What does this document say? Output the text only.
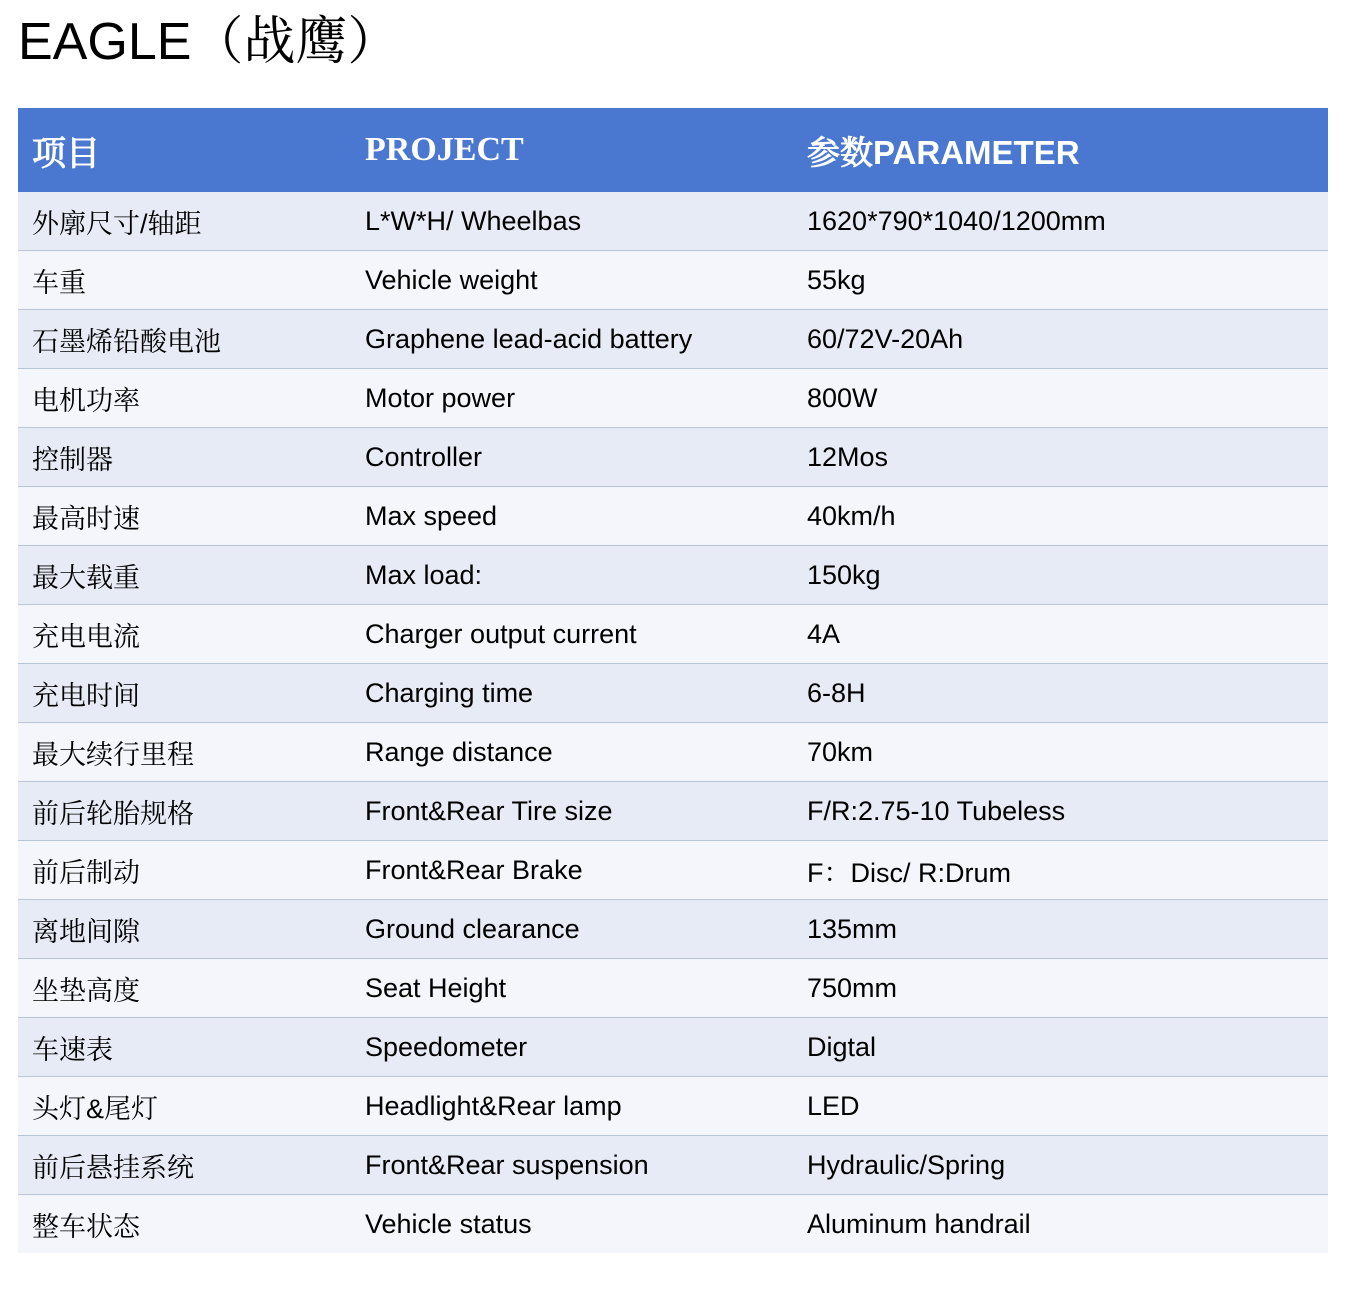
EAGLE（战鹰）
项目	PROJECT	参数PARAMETER
外廓尺寸/轴距	L*W*H/ Wheelbas	1620*790*1040/1200mm
车重	Vehicle weight	55kg
石墨烯铅酸电池	Graphene lead-acid battery	60/72V-20Ah
电机功率	Motor power	800W
控制器	Controller	12Mos
最高时速	Max speed	40km/h
最大载重	Max load:	150kg
充电电流	Charger output current	4A
充电时间	Charging time	6-8H
最大续行里程	Range distance	70km
前后轮胎规格	Front&Rear Tire size	F/R:2.75-10 Tubeless
前后制动	Front&Rear Brake	F：Disc/ R:Drum
离地间隙	Ground clearance	135mm
坐垫高度	Seat Height	750mm
车速表	Speedometer	Digtal
头灯&尾灯	Headlight&Rear lamp	LED
前后悬挂系统	Front&Rear suspension	Hydraulic/Spring
整车状态	Vehicle status	Aluminum handrail
